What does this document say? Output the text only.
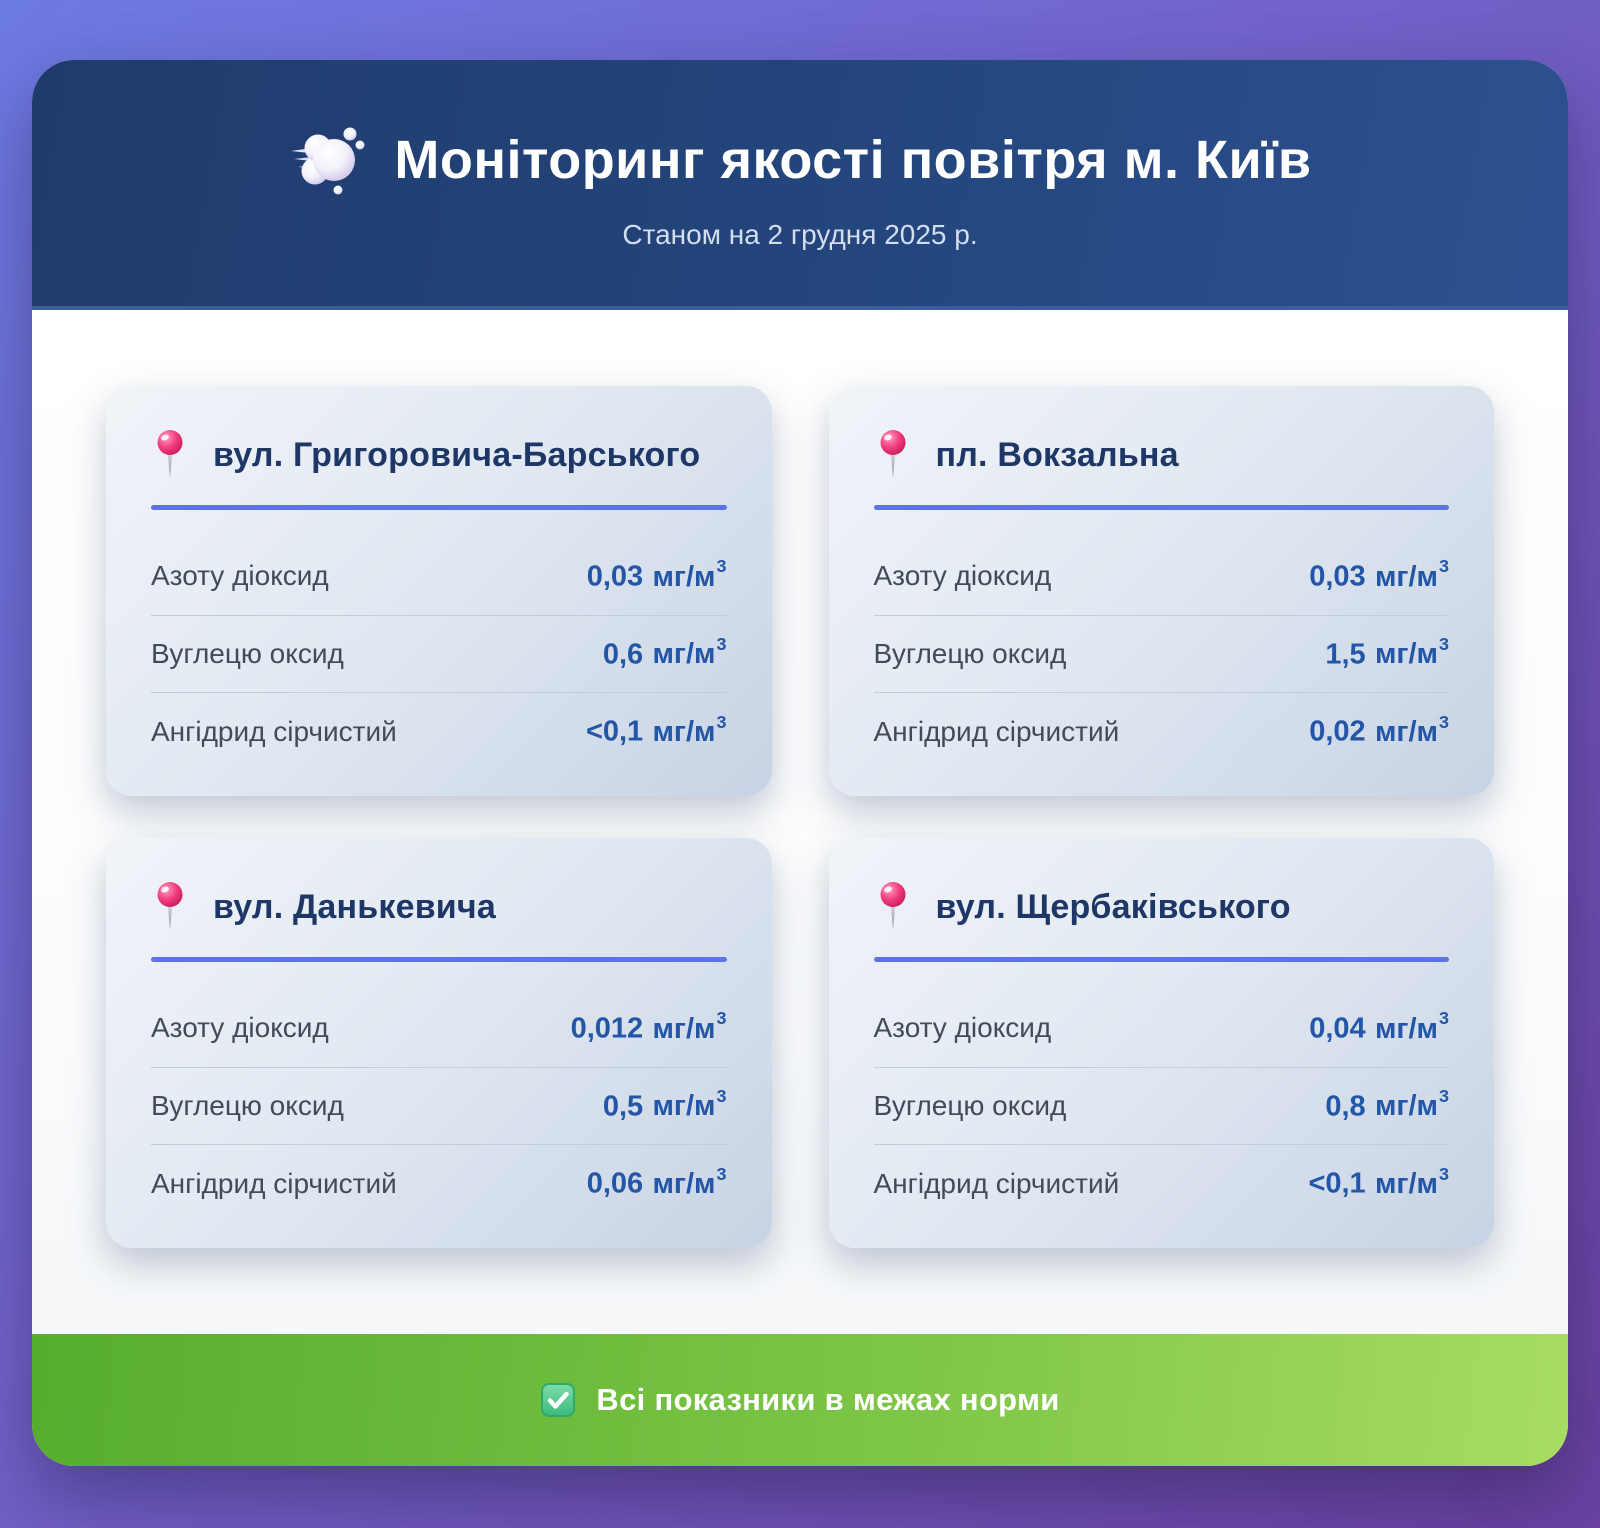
Моніторинг якості повітря м. Київ
Станом на 2 грудня 2025 р.
вул. Григоровича-Барського
Азоту діоксид	0,03 $мг/м^3$
Вуглецю оксид	0,6 $мг/м^3$
Ангідрид сірчистий	<0,1 $мг/м^3$
пл. Вокзальна
Азоту діоксид	0,03 $мг/м^3$
Вуглецю оксид	1,5 $мг/м^3$
Ангідрид сірчистий	0,02 $мг/м^3$
вул. Данькевича
Азоту діоксид	0,012 $мг/м^3$
Вуглецю оксид	0,5 $мг/м^3$
Ангідрид сірчистий	0,06 $мг/м^3$
вул. Щербаківського
Азоту діоксид	0,04 $мг/м^3$
Вуглецю оксид	0,8 $мг/м^3$
Ангідрид сірчистий	<0,1 $мг/м^3$
Всі показники в межах норми
